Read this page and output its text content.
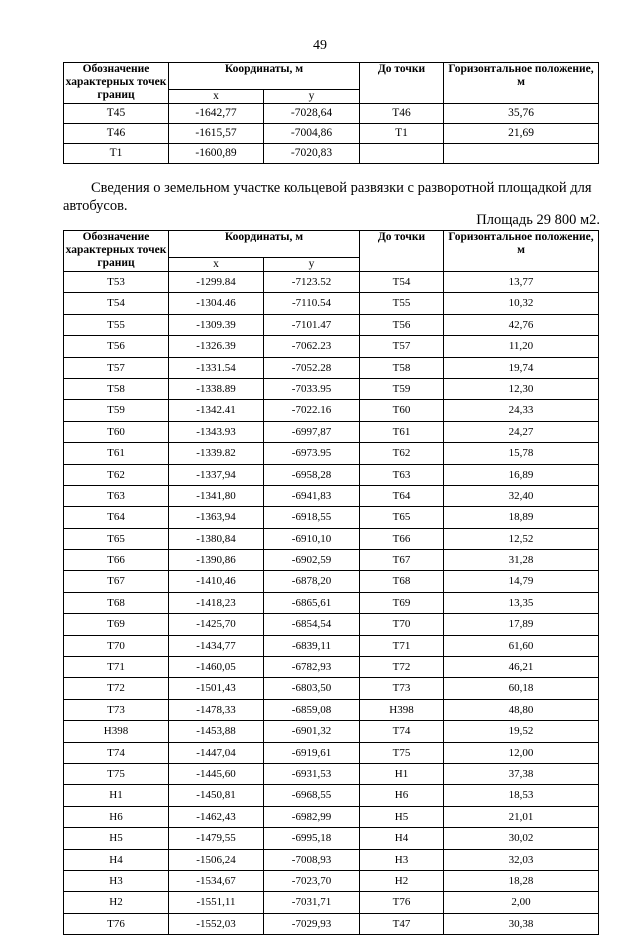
49
Обозначение характерных точек границ	Координаты, м		До точки	Горизонтальное положение, м
	x	y		
Т45	-1642,77	-7028,64	Т46	35,76
Т46	-1615,57	-7004,86	Т1	21,69
Т1	-1600,89	-7020,83		
Сведения о земельном участке кольцевой развязки с разворотной площадкой для автобусов.
Площадь 29 800 м2.
Обозначение характерных точек границ	Координаты, м		До точки	Горизонтальное положение, м
	x	y		
Т53	-1299.84	-7123.52	Т54	13,77
Т54	-1304.46	-7110.54	Т55	10,32
Т55	-1309.39	-7101.47	Т56	42,76
Т56	-1326.39	-7062.23	Т57	11,20
Т57	-1331.54	-7052.28	Т58	19,74
Т58	-1338.89	-7033.95	Т59	12,30
Т59	-1342.41	-7022.16	Т60	24,33
Т60	-1343.93	-6997,87	Т61	24,27
Т61	-1339.82	-6973.95	Т62	15,78
Т62	-1337,94	-6958,28	Т63	16,89
Т63	-1341,80	-6941,83	Т64	32,40
Т64	-1363,94	-6918,55	Т65	18,89
Т65	-1380,84	-6910,10	Т66	12,52
Т66	-1390,86	-6902,59	Т67	31,28
Т67	-1410,46	-6878,20	Т68	14,79
Т68	-1418,23	-6865,61	Т69	13,35
Т69	-1425,70	-6854,54	Т70	17,89
Т70	-1434,77	-6839,11	Т71	61,60
Т71	-1460,05	-6782,93	Т72	46,21
Т72	-1501,43	-6803,50	Т73	60,18
Т73	-1478,33	-6859,08	Н398	48,80
Н398	-1453,88	-6901,32	Т74	19,52
Т74	-1447,04	-6919,61	Т75	12,00
Т75	-1445,60	-6931,53	Н1	37,38
Н1	-1450,81	-6968,55	Н6	18,53
Н6	-1462,43	-6982,99	Н5	21,01
Н5	-1479,55	-6995,18	Н4	30,02
Н4	-1506,24	-7008,93	Н3	32,03
Н3	-1534,67	-7023,70	Н2	18,28
Н2	-1551,11	-7031,71	Т76	2,00
Т76	-1552,03	-7029,93	Т47	30,38
